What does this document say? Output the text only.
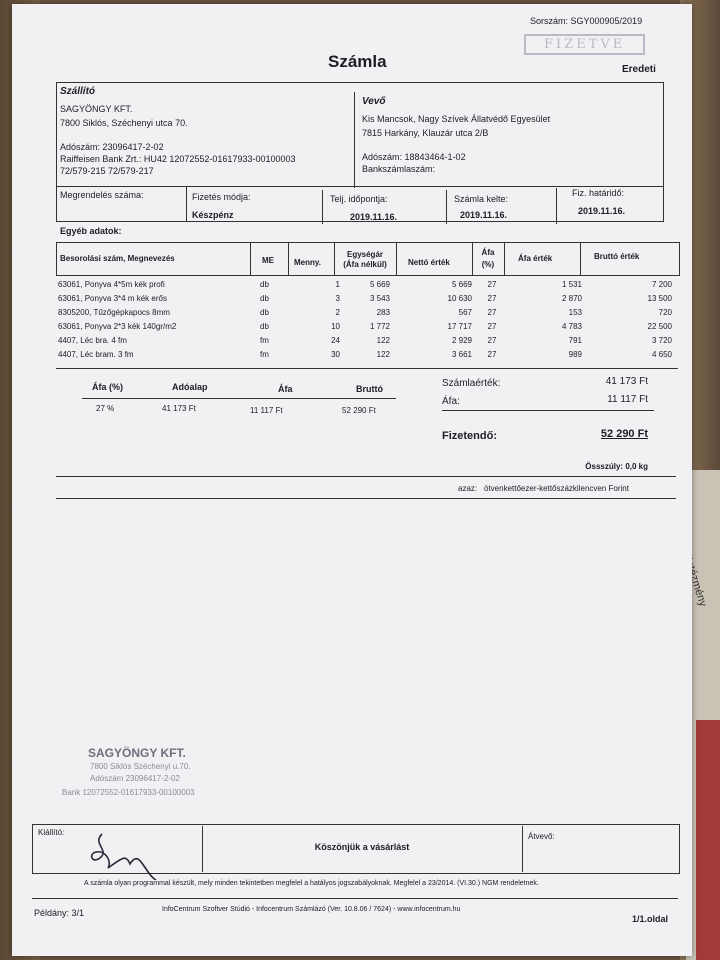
intézmény
Sorszám: SGY000905/2019
FIZETVE
Számla	Eredeti
Szállító
SAGYÖNGY KFT.
7800 Siklós, Széchenyi utca 70.
Adószám: 23096417-2-02
Raiffeisen Bank Zrt.: HU42 12072552-01617933-00100003
72/579-215 72/579-217
Vevő
Kis Mancsok, Nagy Szívek Állatvédő Egyesület
7815 Harkány, Klauzár utca 2/B
Adószám: 18843464-1-02
Bankszámlaszám:
Megrendelés száma:	Fizetés módja:
Készpénz
Telj. időpontja:
2019.11.16.
Számla kelte:
2019.11.16.
Fiz. határidő:
2019.11.16.
Egyéb adatok:
Besorolási szám, Megnevezés	ME	Menny.
Egységár
(Áfa nélkül)	Nettó érték
Áfa
(%)
Áfa érték	Bruttó érték
63061, Ponyva 4*5m kék profi	db	1	5 669	5 669	27	1 531	7 200
63061, Ponyva 3*4 m kék erős	db	3	3 543	10 630	27	2 870	13 500
8305200, Tűzőgépkapocs 8mm	db	2	283	567	27	153	720
63061, Ponyva 2*3 kék 140gr/m2	db	10	1 772	17 717	27	4 783	22 500
4407, Léc bra. 4 fm	fm	24	122	2 929	27	791	3 720
4407, Léc bram. 3 fm	fm	30	122	3 661	27	989	4 650
Áfa (%)	Adóalap	Áfa	Bruttó
27 %	41 173 Ft	11 117 Ft	52 290 Ft
Számlaérték:	41 173 Ft
Áfa:	11 117 Ft
Fizetendő:	52 290 Ft
Össszúly: 0,0 kg
azaz: ötvenkettőezer-kettőszázkilencven Forint
SAGYÖNGY KFT.
7800 Siklós Széchenyi u.70.
Adószám 23096417-2-02
Bank 12072552-01617933-00100003
Kiállító:
Köszönjük a vásárlást
Átvevő:
A számla olyan programmal készült, mely minden tekintetben megfelel a hatályos jogszabályoknak. Megfelel a 23/2014. (VI.30.) NGM rendeletnek.
Példány: 3/1	InfoCentrum Szoftver Stúdió - Infocentrum Számlázó (Ver. 10.8.06 / 7624) - www.infocentrum.hu
1/1.oldal
